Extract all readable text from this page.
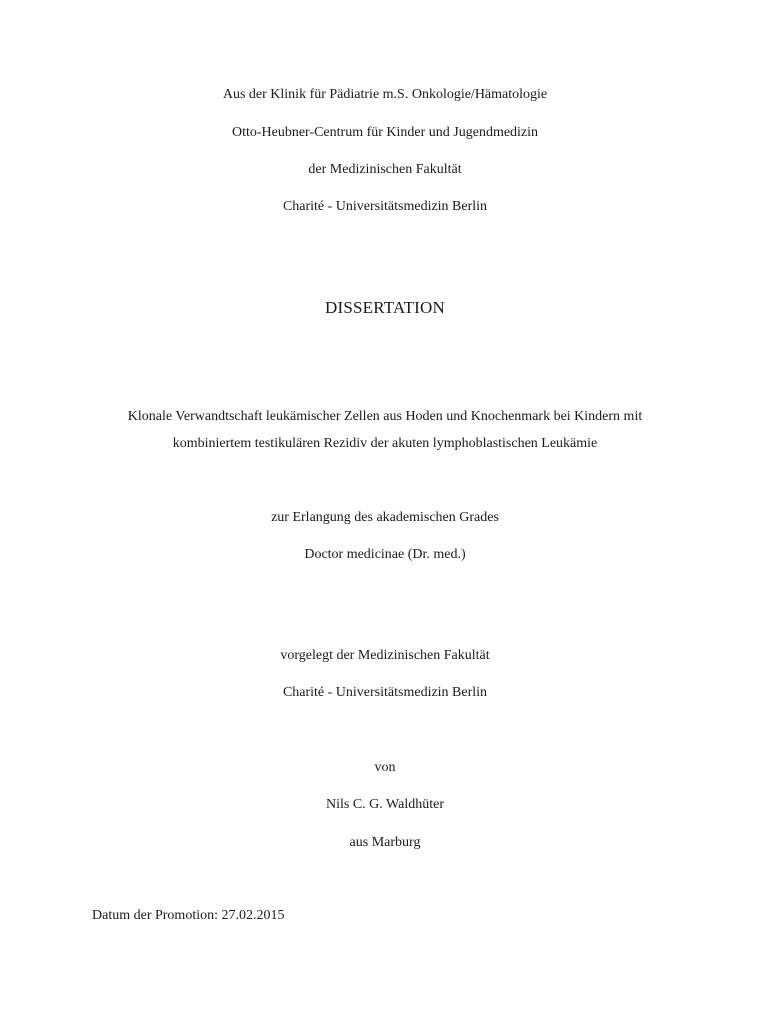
Aus der Klinik für Pädiatrie m.S. Onkologie/Hämatologie
Otto-Heubner-Centrum für Kinder und Jugendmedizin
der Medizinischen Fakultät
Charité - Universitätsmedizin Berlin
DISSERTATION
Klonale Verwandtschaft leukämischer Zellen aus Hoden und Knochenmark bei Kindern mit
kombiniertem testikulären Rezidiv der akuten lymphoblastischen Leukämie
zur Erlangung des akademischen Grades
Doctor medicinae (Dr. med.)
vorgelegt der Medizinischen Fakultät
Charité - Universitätsmedizin Berlin
von
Nils C. G. Waldhüter
aus Marburg
Datum der Promotion: 27.02.2015
